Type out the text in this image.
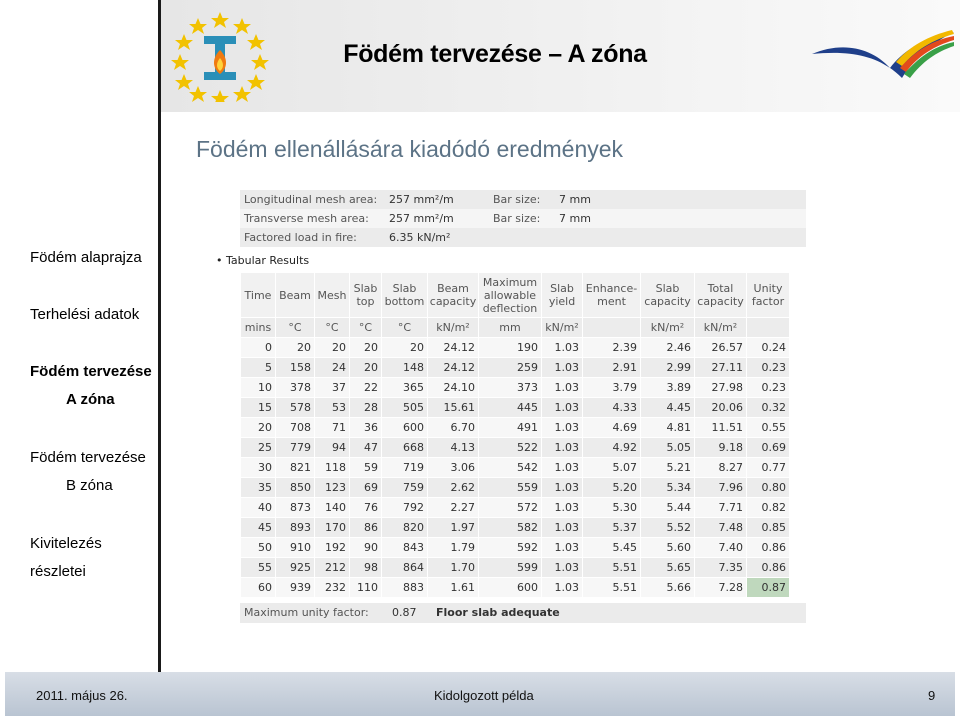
Födém tervezése – A zóna
Födém alaprajza
Terhelési adatok
Födém tervezése
A zóna
Födém tervezése
B zóna
Kivitelezés
részletei
Födém ellenállására kiadódó eredmények
Longitudinal mesh area:	257 mm²/m	Bar size:	7 mm
Transverse mesh area:	257 mm²/m	Bar size:	7 mm
Factored load in fire:	6.35 kN/m²
• Tabular Results
Time	Beam	Mesh	Slab top	Slab bottom	Beam capacity	Maximum allowable deflection	Slab yield	Enhance-ment	Slab capacity	Total capacity	Unity factor
mins	°C	°C	°C	°C	kN/m²	mm	kN/m²		kN/m²	kN/m²	
0	20	20	20	20	24.12	190	1.03	2.39	2.46	26.57	0.24
5	158	24	20	148	24.12	259	1.03	2.91	2.99	27.11	0.23
10	378	37	22	365	24.10	373	1.03	3.79	3.89	27.98	0.23
15	578	53	28	505	15.61	445	1.03	4.33	4.45	20.06	0.32
20	708	71	36	600	6.70	491	1.03	4.69	4.81	11.51	0.55
25	779	94	47	668	4.13	522	1.03	4.92	5.05	9.18	0.69
30	821	118	59	719	3.06	542	1.03	5.07	5.21	8.27	0.77
35	850	123	69	759	2.62	559	1.03	5.20	5.34	7.96	0.80
40	873	140	76	792	2.27	572	1.03	5.30	5.44	7.71	0.82
45	893	170	86	820	1.97	582	1.03	5.37	5.52	7.48	0.85
50	910	192	90	843	1.79	592	1.03	5.45	5.60	7.40	0.86
55	925	212	98	864	1.70	599	1.03	5.51	5.65	7.35	0.86
60	939	232	110	883	1.61	600	1.03	5.51	5.66	7.28	0.87
Maximum unity factor:	0.87	Floor slab adequate
2011. május 26.	Kidolgozott példa	9
